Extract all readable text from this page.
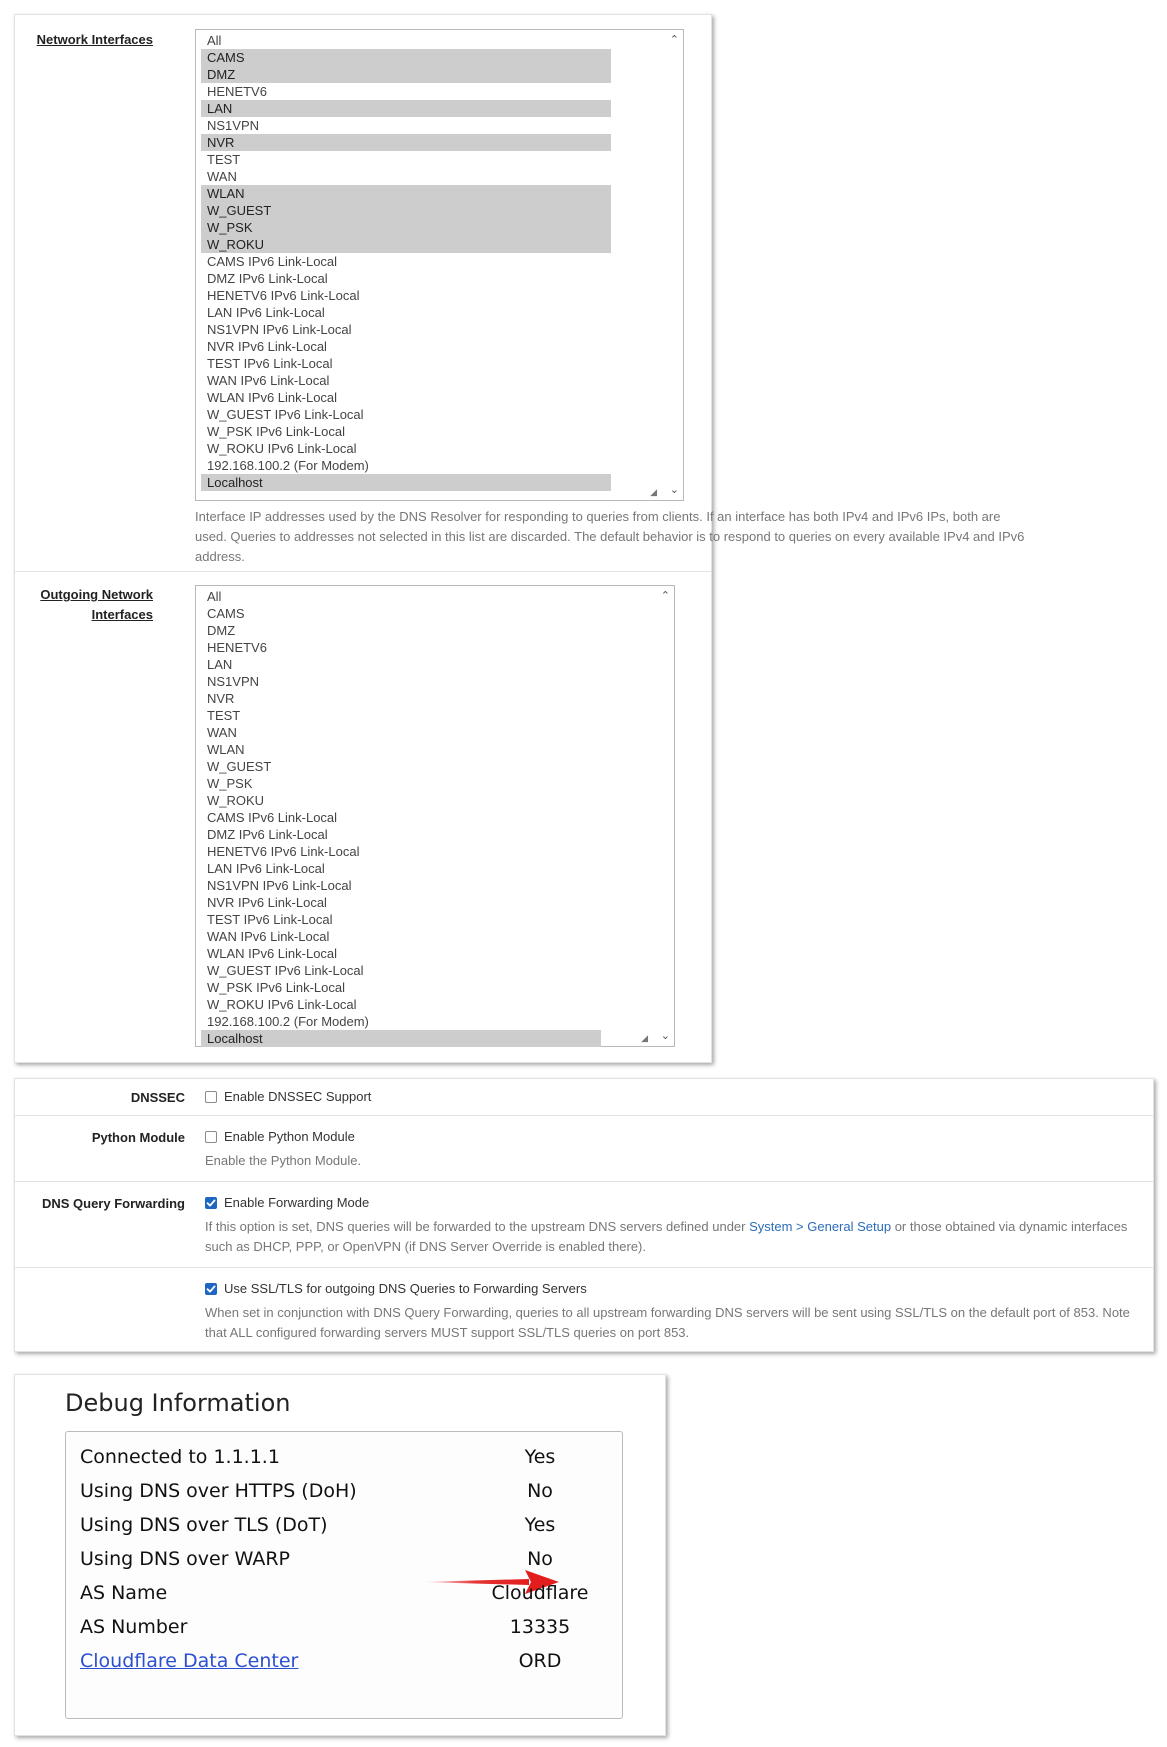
Network Interfaces	All
CAMS
DMZ
HENETV6
LAN
NS1VPN
NVR
TEST
WAN
WLAN
W_GUEST
W_PSK
W_ROKU
CAMS IPv6 Link-Local
DMZ IPv6 Link-Local
HENETV6 IPv6 Link-Local
LAN IPv6 Link-Local
NS1VPN IPv6 Link-Local
NVR IPv6 Link-Local
TEST IPv6 Link-Local
WAN IPv6 Link-Local
WLAN IPv6 Link-Local
W_GUEST IPv6 Link-Local
W_PSK IPv6 Link-Local
W_ROKU IPv6 Link-Local
192.168.100.2 (For Modem)
Localhost
⌃
⌄
◢
Interface IP addresses used by the DNS Resolver for responding to queries from clients. If an interface has both IPv4 and IPv6 IPs, both are
used. Queries to addresses not selected in this list are discarded. The default behavior is to respond to queries on every available IPv4 and IPv6
address.
Outgoing Network Interfaces
All
CAMS
DMZ
HENETV6
LAN
NS1VPN
NVR
TEST
WAN
WLAN
W_GUEST
W_PSK
W_ROKU
CAMS IPv6 Link-Local
DMZ IPv6 Link-Local
HENETV6 IPv6 Link-Local
LAN IPv6 Link-Local
NS1VPN IPv6 Link-Local
NVR IPv6 Link-Local
TEST IPv6 Link-Local
WAN IPv6 Link-Local
WLAN IPv6 Link-Local
W_GUEST IPv6 Link-Local
W_PSK IPv6 Link-Local
W_ROKU IPv6 Link-Local
192.168.100.2 (For Modem)
Localhost
⌃
⌄
◢
DNSSEC	Enable DNSSEC Support
Python Module	Enable Python Module
Enable the Python Module.
DNS Query Forwarding	Enable Forwarding Mode
If this option is set, DNS queries will be forwarded to the upstream DNS servers defined under System > General Setup or those obtained via dynamic interfaces such as DHCP, PPP, or OpenVPN (if DNS Server Override is enabled there).
Use SSL/TLS for outgoing DNS Queries to Forwarding Servers
When set in conjunction with DNS Query Forwarding, queries to all upstream forwarding DNS servers will be sent using SSL/TLS on the default port of 853. Note that ALL configured forwarding servers MUST support SSL/TLS queries on port 853.
Debug Information
Connected to 1.1.1.1	Yes
Using DNS over HTTPS (DoH)	No
Using DNS over TLS (DoT)	Yes
Using DNS over WARP	No
AS Name	Cloudflare
AS Number	13335
Cloudflare Data Center	ORD
